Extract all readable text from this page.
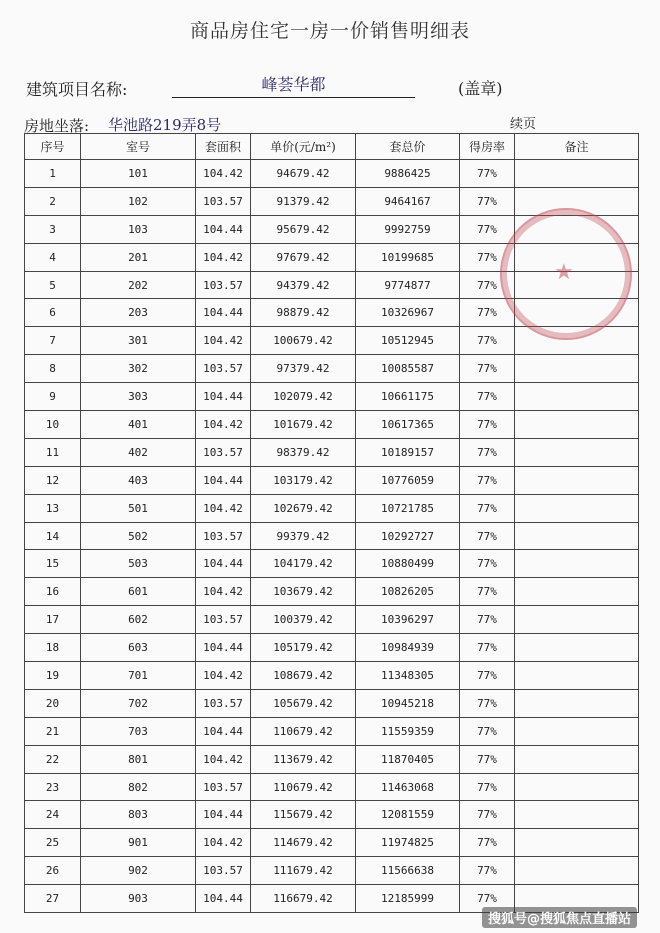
商品房住宅一房一价销售明细表
建筑项目名称:	峰荟华都	(盖章)
房地坐落: 华池路219弄8号	续页
序号	室号	套面积	单价(元/m²)	套总价	得房率	备注
1	101	104.42	94679.42	9886425	77%	
2	102	103.57	91379.42	9464167	77%	
3	103	104.44	95679.42	9992759	77%	
4	201	104.42	97679.42	10199685	77%	
5	202	103.57	94379.42	9774877	77%	
6	203	104.44	98879.42	10326967	77%	
7	301	104.42	100679.42	10512945	77%	
8	302	103.57	97379.42	10085587	77%	
9	303	104.44	102079.42	10661175	77%	
10	401	104.42	101679.42	10617365	77%	
11	402	103.57	98379.42	10189157	77%	
12	403	104.44	103179.42	10776059	77%	
13	501	104.42	102679.42	10721785	77%	
14	502	103.57	99379.42	10292727	77%	
15	503	104.44	104179.42	10880499	77%	
16	601	104.42	103679.42	10826205	77%	
17	602	103.57	100379.42	10396297	77%	
18	603	104.44	105179.42	10984939	77%	
19	701	104.42	108679.42	11348305	77%	
20	702	103.57	105679.42	10945218	77%	
21	703	104.44	110679.42	11559359	77%	
22	801	104.42	113679.42	11870405	77%	
23	802	103.57	110679.42	11463068	77%	
24	803	104.44	115679.42	12081559	77%	
25	901	104.42	114679.42	11974825	77%	
26	902	103.57	111679.42	11566638	77%	
27	903	104.44	116679.42	12185999	77%	
★
搜狐号@搜狐焦点直播站
